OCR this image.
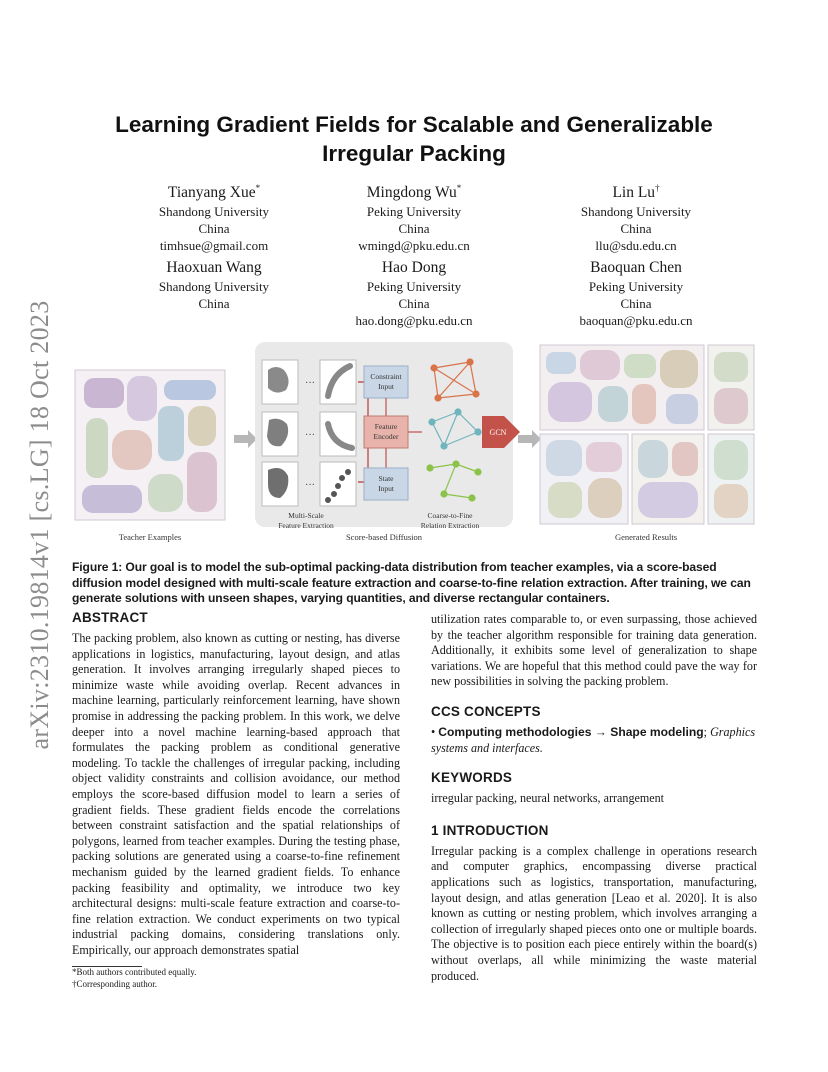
arXiv:2310.19814v1 [cs.LG] 18 Oct 2023
Learning Gradient Fields for Scalable and Generalizable Irregular Packing
Tianyang Xue*
Shandong University
China
timhsue@gmail.com
Mingdong Wu*
Peking University
China
wmingd@pku.edu.cn
Lin Lu†
Shandong University
China
llu@sdu.edu.cn
Haoxuan Wang
Shandong University
China
Hao Dong
Peking University
China
hao.dong@pku.edu.cn
Baoquan Chen
Peking University
China
baoquan@pku.edu.cn
Teacher Examples
···
···
···
Constraint
Input
Feature
Encoder
State
Input
GCN
Multi-Scale
Feature Extraction
Coarse-to-Fine
Relation Extraction
Score-based Diffusion	Generated Results
Figure 1: Our goal is to model the sub-optimal packing-data distribution from teacher examples, via a score-based diffusion model designed with multi-scale feature extraction and coarse-to-fine relation extraction. After training, we can generate solutions with unseen shapes, varying quantities, and diverse rectangular containers.
ABSTRACT

The packing problem, also known as cutting or nesting, has diverse applications in logistics, manufacturing, layout design, and atlas generation. It involves arranging irregularly shaped pieces to minimize waste while avoiding overlap. Recent advances in machine learning, particularly reinforcement learning, have shown promise in addressing the packing problem. In this work, we delve deeper into a novel machine learning-based approach that formulates the packing problem as conditional generative modeling. To tackle the challenges of irregular packing, including object validity constraints and collision avoidance, our method employs the score-based diffusion model to learn a series of gradient fields. These gradient fields encode the correlations between constraint satisfaction and the spatial relationships of polygons, learned from teacher examples. During the testing phase, packing solutions are generated using a coarse-to-fine refinement mechanism guided by the learned gradient fields. To enhance packing feasibility and optimality, we introduce two key architectural designs: multi-scale feature extraction and coarse-to-fine relation extraction. We conduct experiments on two typical industrial packing domains, considering translations only. Empirically, our approach demonstrates spatial

*Both authors contributed equally.
†Corresponding author.

utilization rates comparable to, or even surpassing, those achieved by the teacher algorithm responsible for training data generation. Additionally, it exhibits some level of generalization to shape variations. We are hopeful that this method could pave the way for new possibilities in solving the packing problem.

CCS CONCEPTS
• Computing methodologies → Shape modeling; Graphics systems and interfaces.
KEYWORDS

irregular packing, neural networks, arrangement

1 INTRODUCTION

Irregular packing is a complex challenge in operations research and computer graphics, encompassing diverse practical applications such as logistics, transportation, manufacturing, layout design, and atlas generation [Leao et al. 2020]. It is also known as cutting or nesting problem, which involves arranging a collection of irregularly shaped pieces onto one or multiple boards. The objective is to position each piece entirely within the board(s) without overlaps, all while minimizing the waste material produced.
